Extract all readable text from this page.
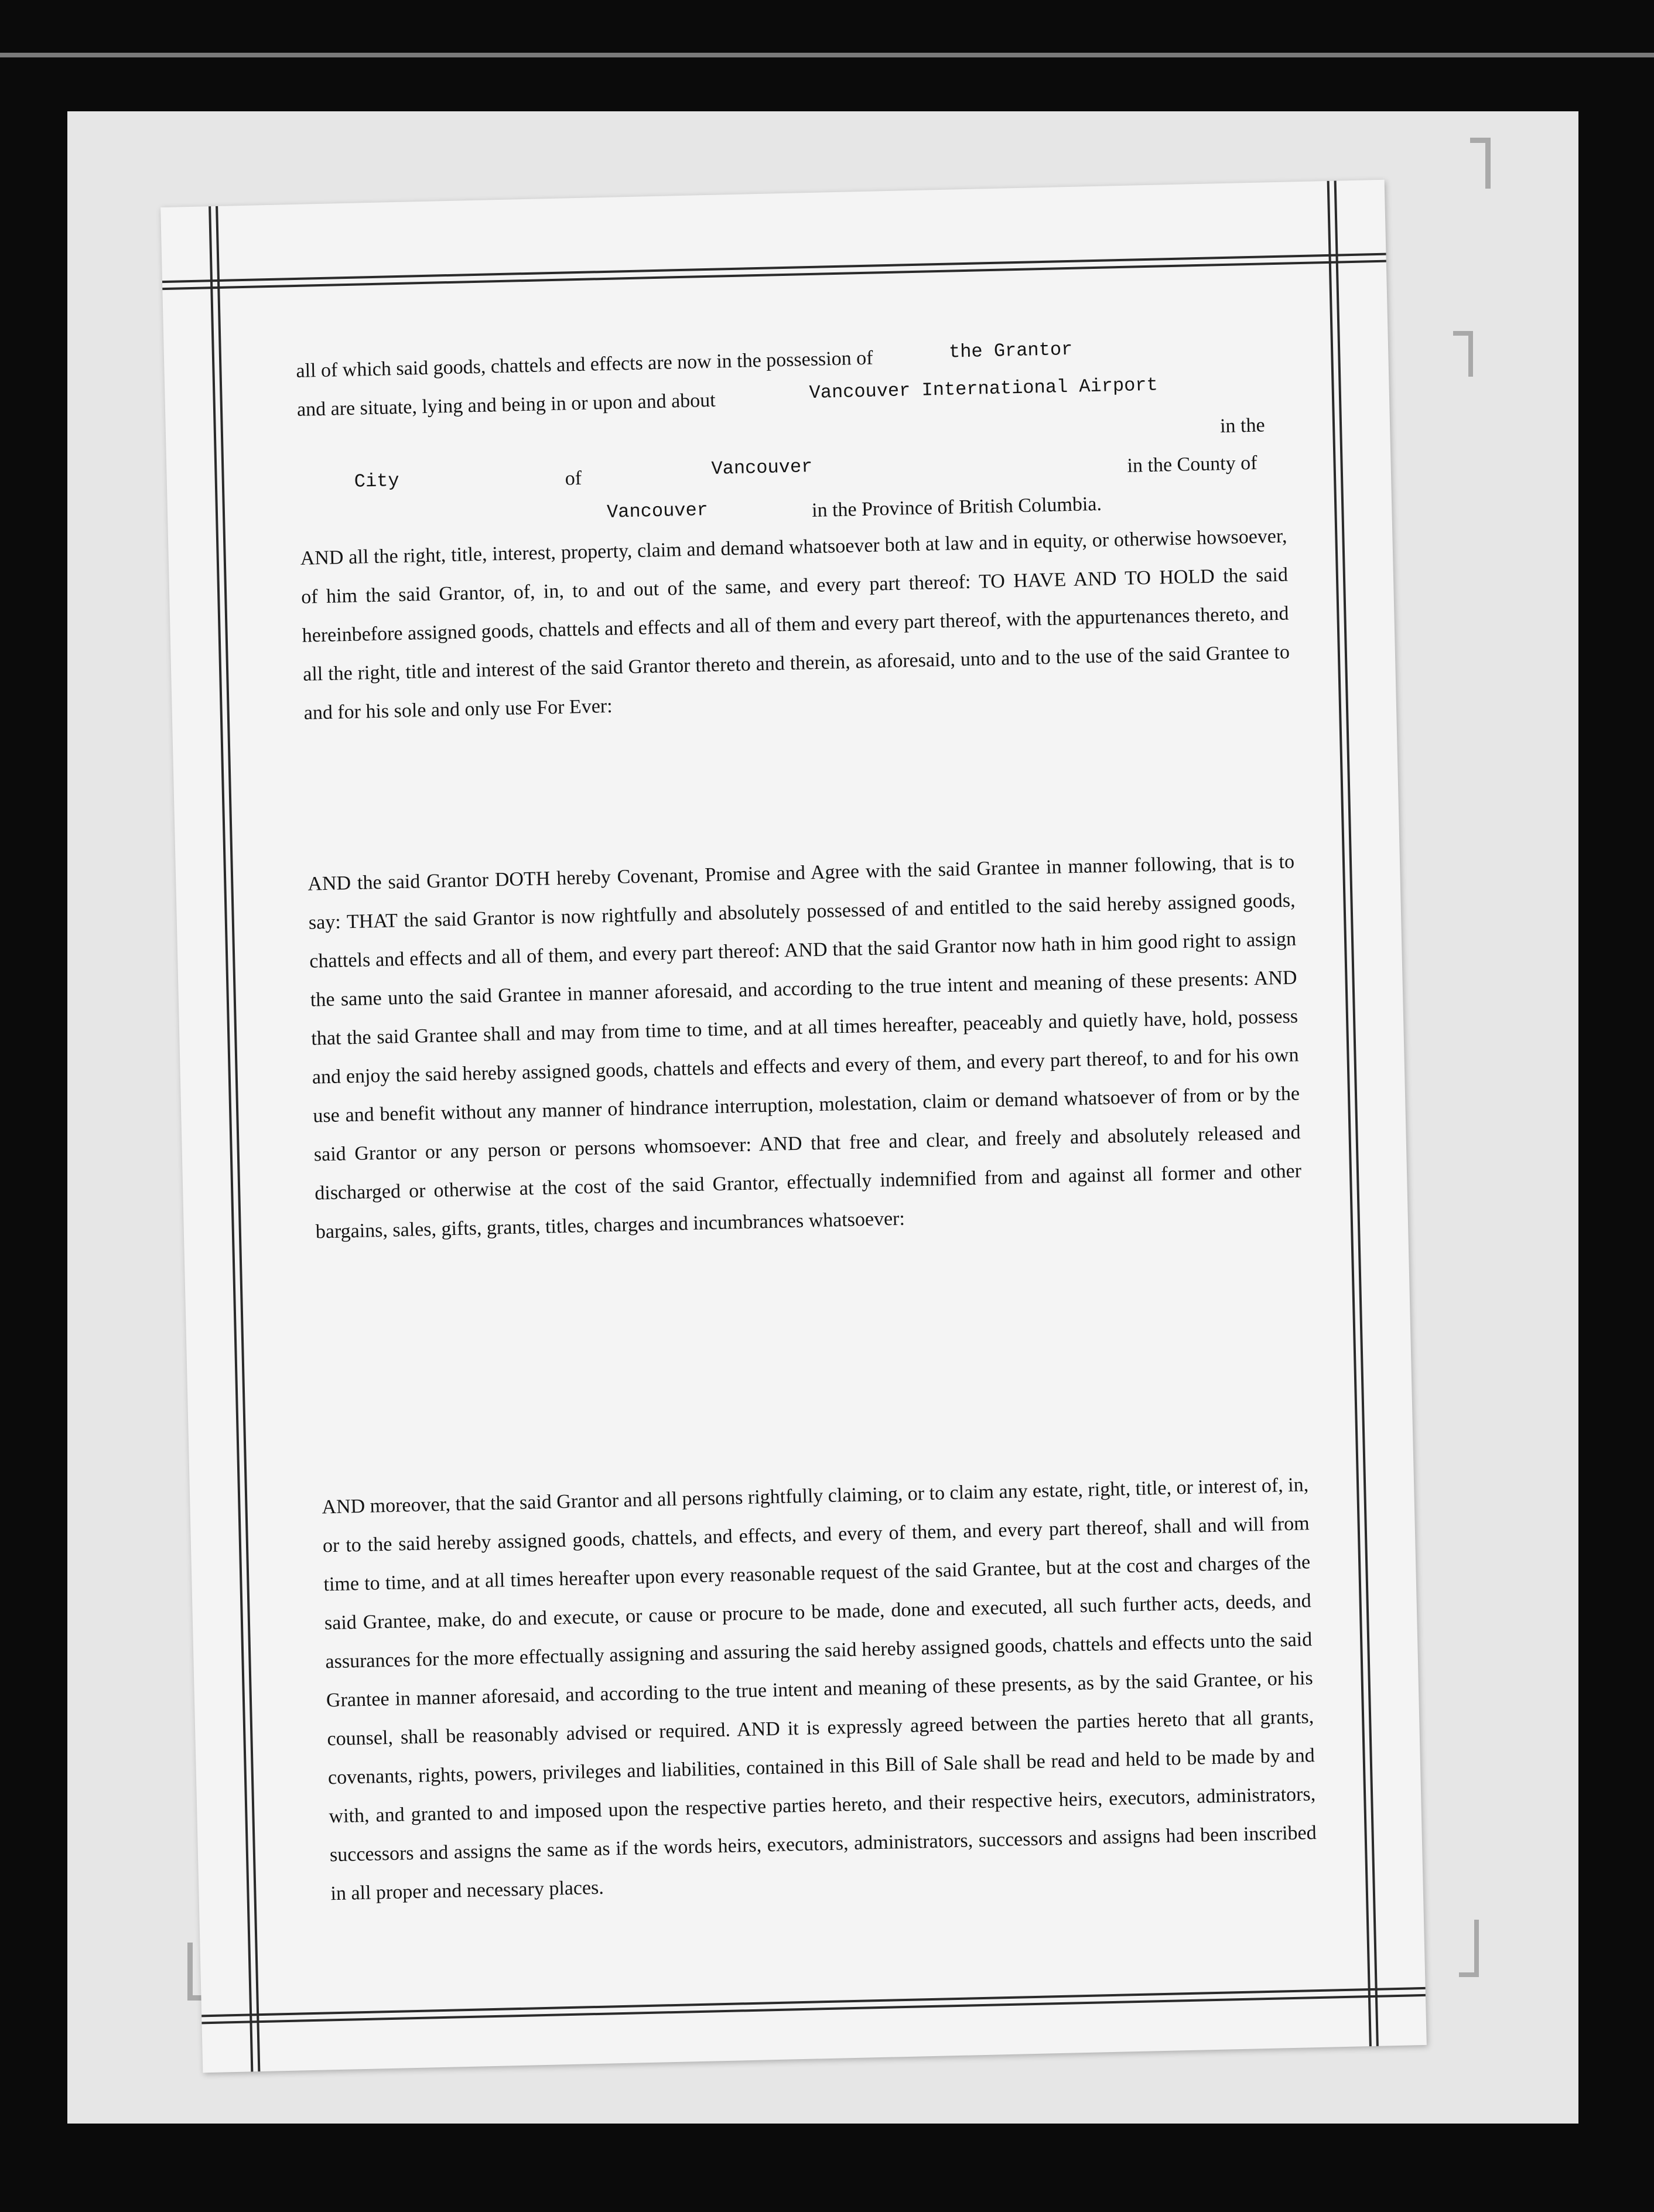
all of which said goods, chattels and effects are now in the possession of	the Grantor
and are situate, lying and being in or upon and about
Vancouver International Airport
in the
City	of	Vancouver	in the County of
Vancouver	in the Province of British Columbia.

AND all the right, title, interest, property, claim and demand whatsoever both at law and in equity, or otherwise howsoever, of him the said Grantor, of, in, to and out of the same, and every part thereof: TO HAVE AND TO HOLD the said hereinbefore assigned goods, chattels and effects and all of them and every part thereof, with the appurtenances thereto, and all the right, title and interest of the said Grantor thereto and therein, as aforesaid, unto and to the use of the said Grantee to and for his sole and only use For Ever:

AND the said Grantor DOTH hereby Covenant, Promise and Agree with the said Grantee in manner following, that is to say: THAT the said Grantor is now rightfully and absolutely possessed of and entitled to the said hereby assigned goods, chattels and effects and all of them, and every part thereof: AND that the said Grantor now hath in him good right to assign the same unto the said Grantee in manner aforesaid, and according to the true intent and meaning of these presents: AND that the said Grantee shall and may from time to time, and at all times hereafter, peaceably and quietly have, hold, possess and enjoy the said hereby assigned goods, chattels and effects and every of them, and every part thereof, to and for his own use and benefit without any manner of hindrance interruption, molestation, claim or demand whatsoever of from or by the said Grantor or any person or persons whomsoever: AND that free and clear, and freely and absolutely released and discharged or otherwise at the cost of the said Grantor, effectually indemnified from and against all former and other bargains, sales, gifts, grants, titles, charges and incumbrances whatsoever:

AND moreover, that the said Grantor and all persons rightfully claiming, or to claim any estate, right, title, or interest of, in, or to the said hereby assigned goods, chattels, and effects, and every of them, and every part thereof, shall and will from time to time, and at all times hereafter upon every reasonable request of the said Grantee, but at the cost and charges of the said Grantee, make, do and execute, or cause or procure to be made, done and executed, all such further acts, deeds, and assurances for the more effectually assigning and assuring the said hereby assigned goods, chattels and effects unto the said Grantee in manner aforesaid, and according to the true intent and meaning of these presents, as by the said Grantee, or his counsel, shall be reasonably advised or required. AND it is expressly agreed between the parties hereto that all grants, covenants, rights, powers, privileges and liabilities, contained in this Bill of Sale shall be read and held to be made by and with, and granted to and imposed upon the respective parties hereto, and their respective heirs, executors, administrators, successors and assigns the same as if the words heirs, executors, administrators, successors and assigns had been inscribed in all proper and necessary places.
